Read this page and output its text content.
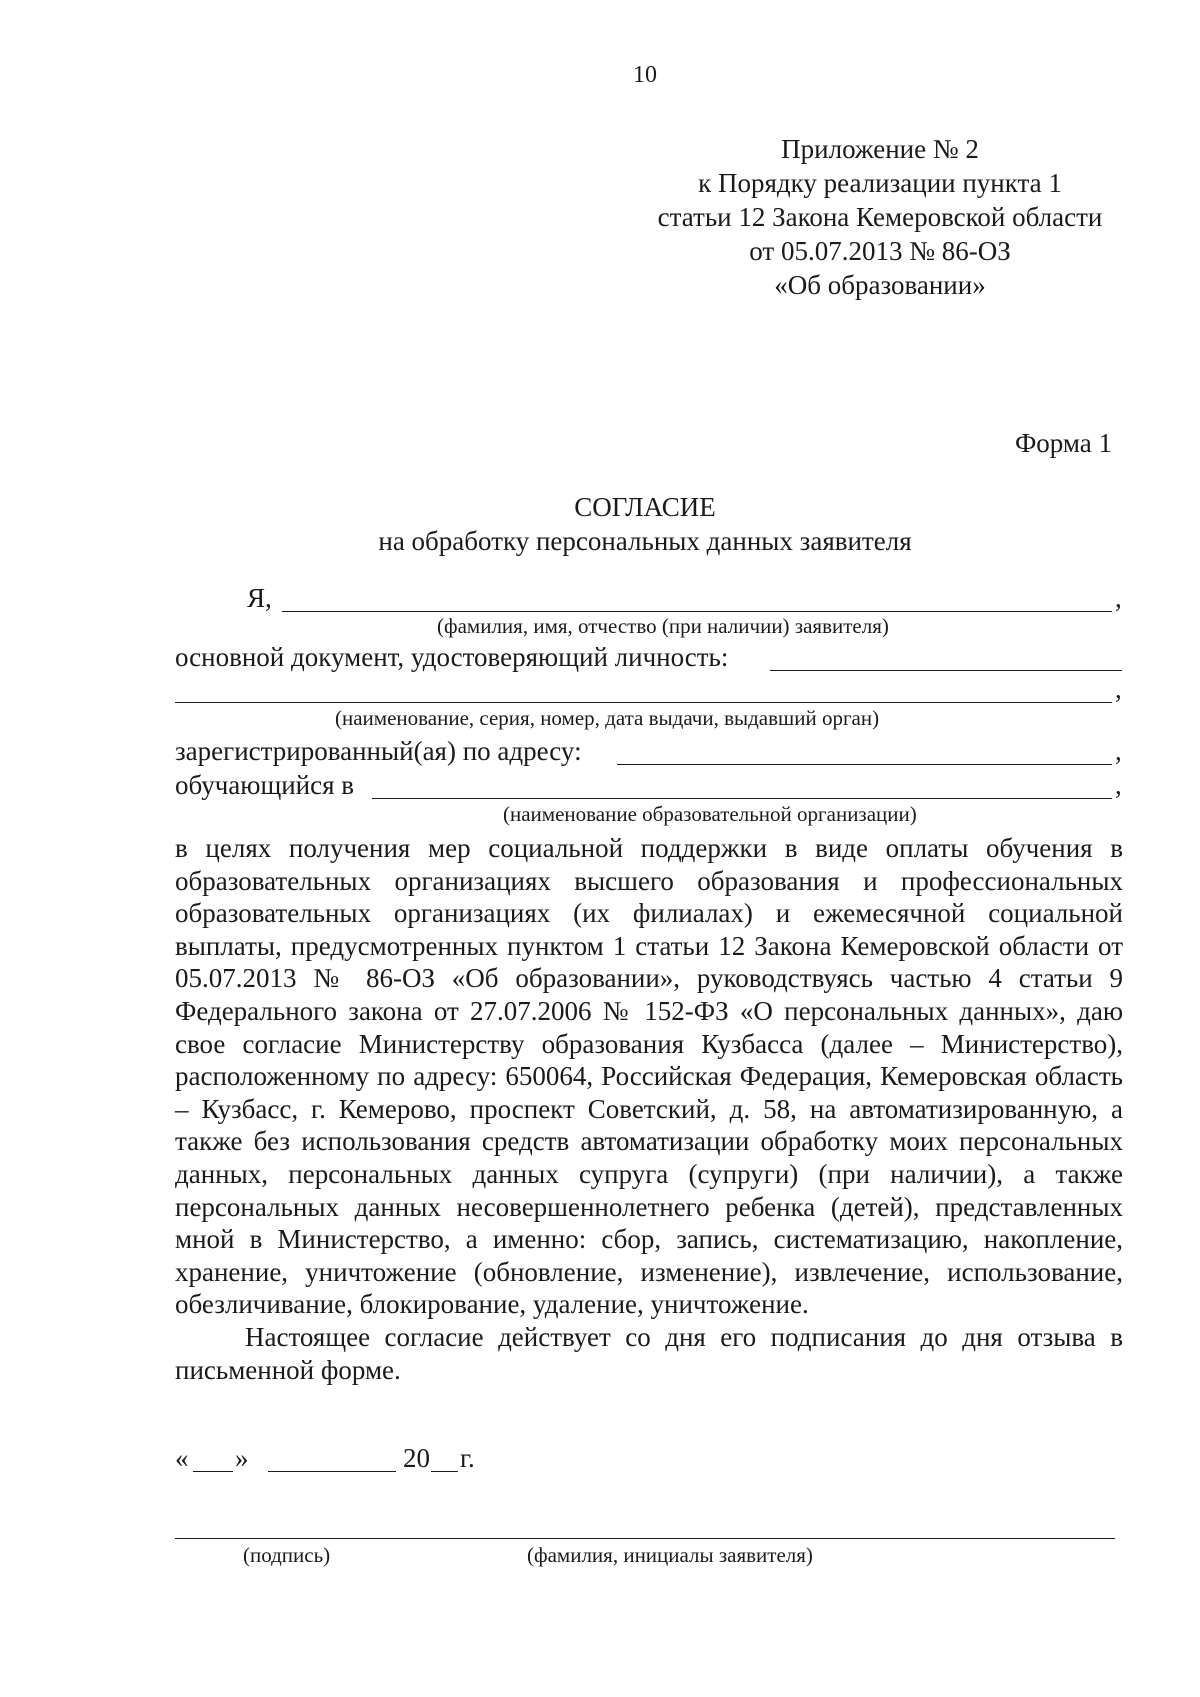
10
Приложение № 2
к Порядку реализации пункта 1
статьи 12 Закона Кемеровской области
от 05.07.2013 № 86-ОЗ
«Об образовании»
Форма 1
СОГЛАСИЕ
на обработку персональных данных заявителя
Я,	,
(фамилия, имя, отчество (при наличии) заявителя)
основной документ, удостоверяющий личность:
,
(наименование, серия, номер, дата выдачи, выдавший орган)
зарегистрированный(ая) по адресу:	,
обучающийся в	,
(наименование образовательной организации)

в целях получения мер социальной поддержки в виде оплаты обучения в образовательных организациях высшего образования и профессиональных образовательных организациях (их филиалах) и ежемесячной социальной выплаты, предусмотренных пунктом 1 статьи 12 Закона Кемеровской области от 05.07.2013 № 86-ОЗ «Об образовании», руководствуясь частью 4 статьи 9 Федерального закона от 27.07.2006 № 152-ФЗ «О персональных данных», даю свое согласие Министерству образования Кузбасса (далее – Министерство), расположенному по адресу: 650064, Российская Федерация, Кемеровская область – Кузбасс, г. Кемерово, проспект Советский, д. 58, на автоматизированную, а также без использования средств автоматизации обработку моих персональных данных, персональных данных супруга (супруги) (при наличии), а также персональных данных несовершеннолетнего ребенка (детей), представленных мной в Министерство, а именно: сбор, запись, систематизацию, накопление, хранение, уничтожение (обновление, изменение), извлечение, использование, обезличивание, блокирование, удаление, уничтожение.

Настоящее согласие действует со дня его подписания до дня отзыва в письменной форме.

« »	20 г.
(подпись)	(фамилия, инициалы заявителя)
